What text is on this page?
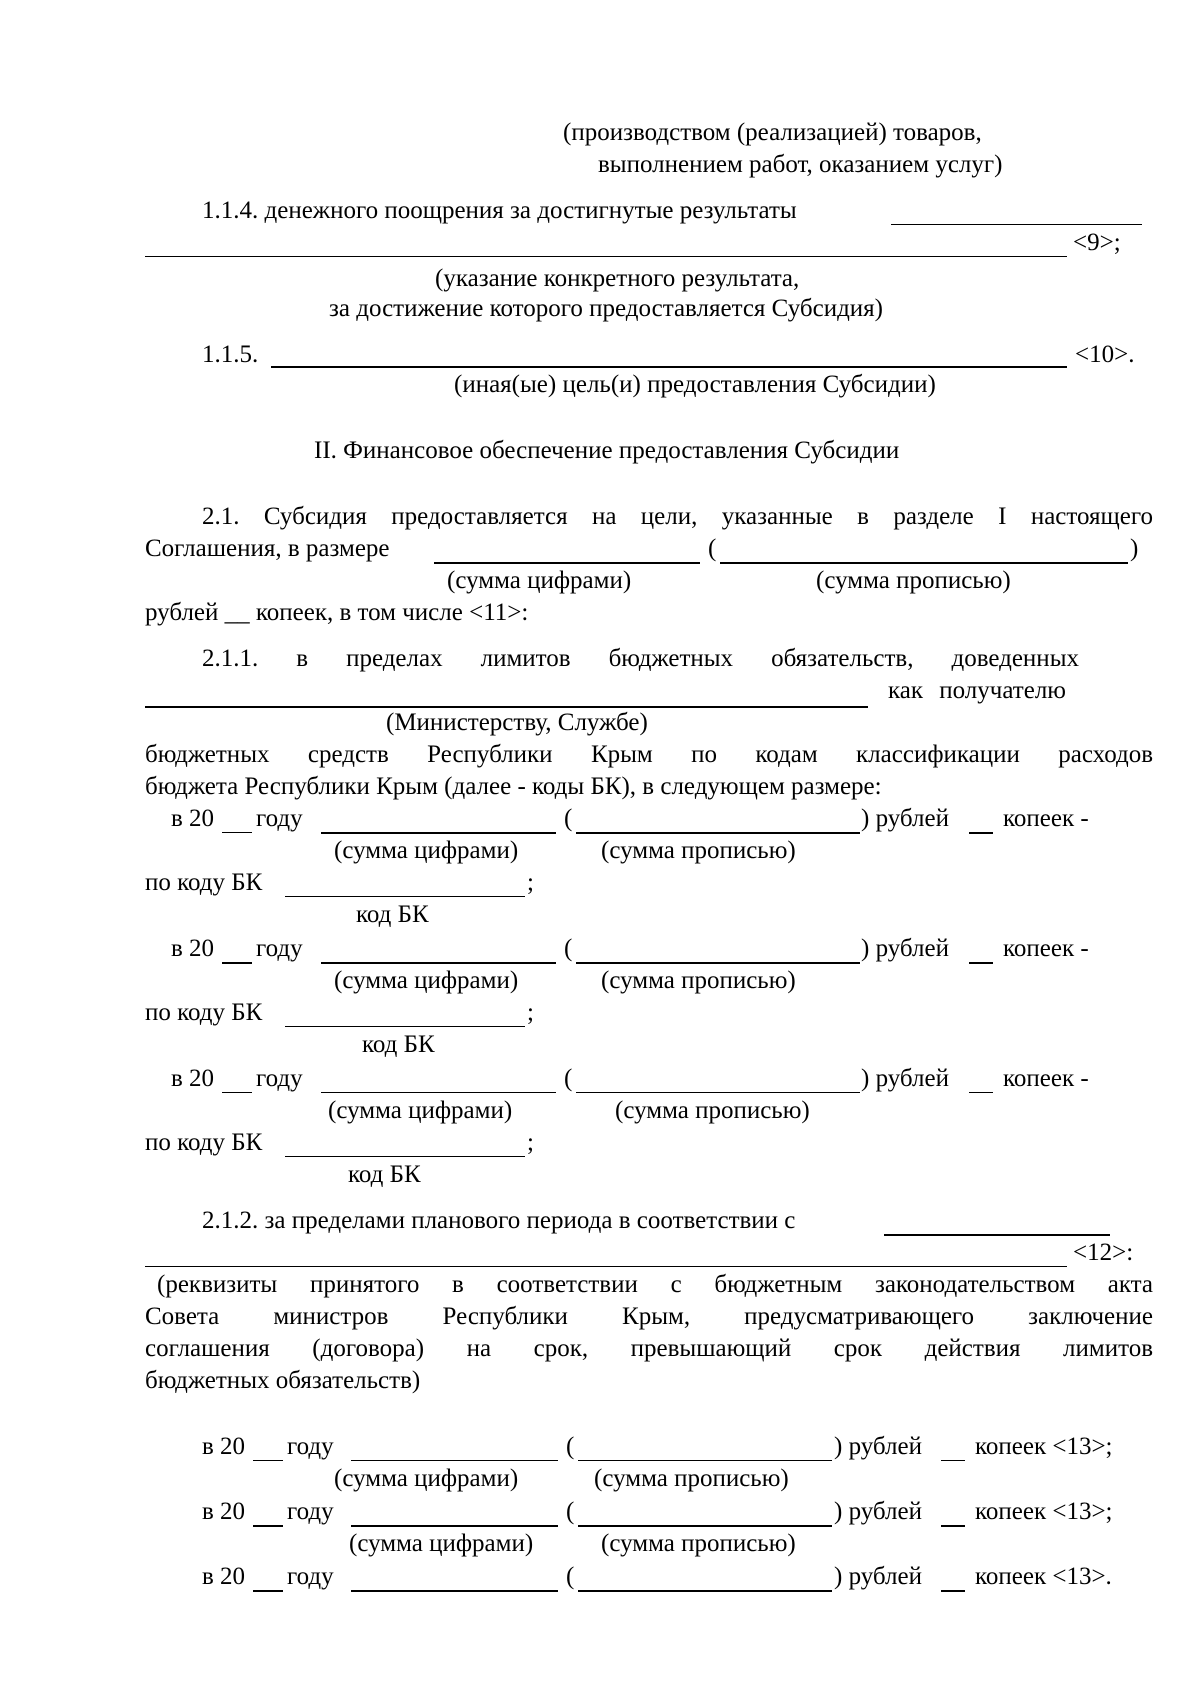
(производством (реализацией) товаров,
выполнением работ, оказанием услуг)
1.1.4. денежного поощрения за достигнутые результаты
<9>;
(указание конкретного результата,
за достижение которого предоставляется Субсидия)
1.1.5.	<10>.
(иная(ые) цель(и) предоставления Субсидии)
II. Финансовое обеспечение предоставления Субсидии
2.1. Субсидия предоставляется на цели, указанные в разделе I настоящего
Соглашения, в размере	(	)
(сумма цифрами)	(сумма прописью)
рублей __ копеек, в том числе <11>:
2.1.1. в пределах лимитов бюджетных обязательств, доведенных
как получателю
(Министерству, Службе)
бюджетных средств Республики Крым по кодам классификации расходов
бюджета Республики Крым (далее - коды БК), в следующем размере:
в 20 году	(	) рублей копеек -
(сумма цифрами)	(сумма прописью)
по коду БК	;
код БК
в 20 году	(	) рублей копеек -
(сумма цифрами)	(сумма прописью)
по коду БК	;
код БК
в 20 году	(	) рублей копеек -
(сумма цифрами)	(сумма прописью)
по коду БК	;
код БК
2.1.2. за пределами планового периода в соответствии с
<12>:
(реквизиты принятого в соответствии с бюджетным законодательством акта
Совета министров Республики Крым, предусматривающего заключение
соглашения (договора) на срок, превышающий срок действия лимитов
бюджетных обязательств)
в 20 году	(	) рублей копеек <13>;
(сумма цифрами)	(сумма прописью)
в 20 году	(	) рублей копеек <13>;
(сумма цифрами)	(сумма прописью)
в 20 году	(	) рублей копеек <13>.
